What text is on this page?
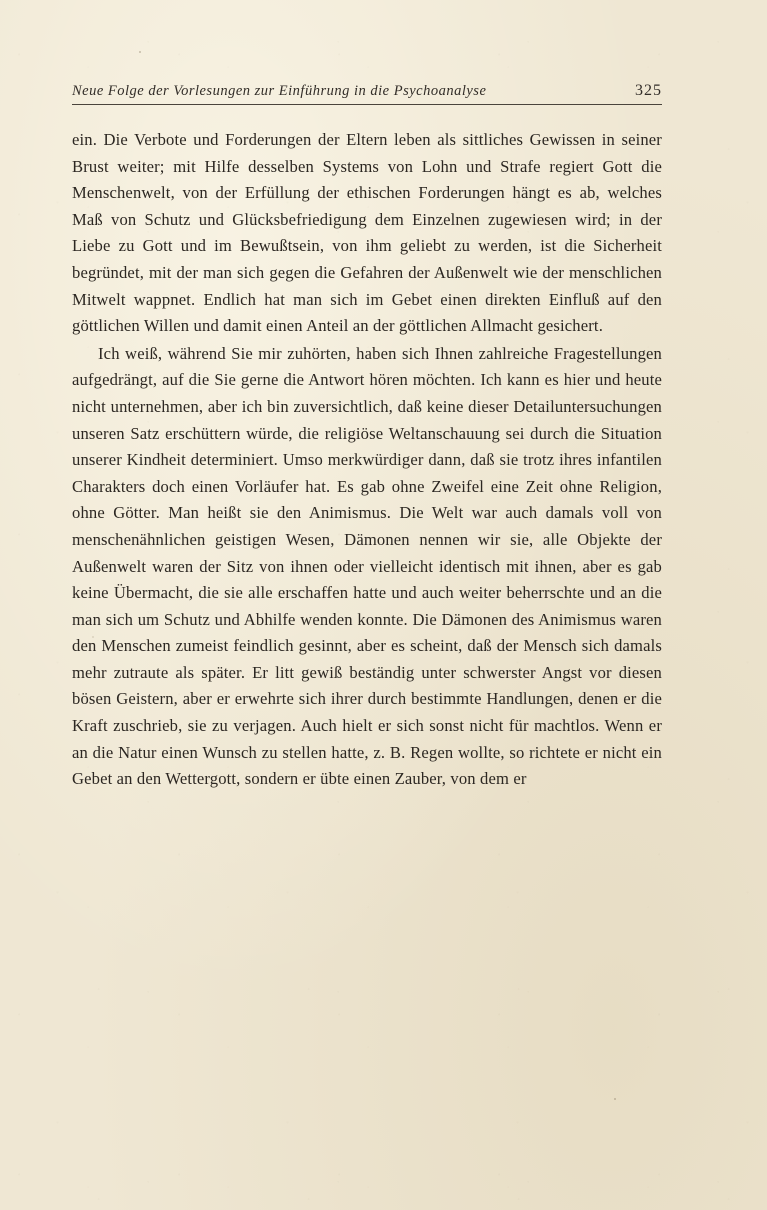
Neue Folge der Vorlesungen zur Einführung in die Psychoanalyse	325

ein. Die Verbote und Forderungen der Eltern leben als sittliches Gewissen in seiner Brust weiter; mit Hilfe desselben Systems von Lohn und Strafe regiert Gott die Menschenwelt, von der Erfüllung der ethischen Forderungen hängt es ab, welches Maß von Schutz und Glücksbefriedigung dem Einzelnen zugewiesen wird; in der Liebe zu Gott und im Bewußtsein, von ihm geliebt zu werden, ist die Sicherheit begründet, mit der man sich gegen die Gefahren der Außenwelt wie der menschlichen Mitwelt wappnet. Endlich hat man sich im Gebet einen direkten Einfluß auf den göttlichen Willen und damit einen Anteil an der göttlichen Allmacht gesichert.

Ich weiß, während Sie mir zuhörten, haben sich Ihnen zahlreiche Fragestellungen aufgedrängt, auf die Sie gerne die Antwort hören möchten. Ich kann es hier und heute nicht unternehmen, aber ich bin zuversichtlich, daß keine dieser Detailuntersuchungen unseren Satz erschüttern würde, die religiöse Weltanschauung sei durch die Situation unserer Kindheit determiniert. Umso merkwürdiger dann, daß sie trotz ihres infantilen Charakters doch einen Vorläufer hat. Es gab ohne Zweifel eine Zeit ohne Religion, ohne Götter. Man heißt sie den Animismus. Die Welt war auch damals voll von menschenähnlichen geistigen Wesen, Dämonen nennen wir sie, alle Objekte der Außenwelt waren der Sitz von ihnen oder vielleicht identisch mit ihnen, aber es gab keine Übermacht, die sie alle erschaffen hatte und auch weiter beherrschte und an die man sich um Schutz und Abhilfe wenden konnte. Die Dämonen des Animismus waren den Menschen zumeist feindlich gesinnt, aber es scheint, daß der Mensch sich damals mehr zutraute als später. Er litt gewiß beständig unter schwerster Angst vor diesen bösen Geistern, aber er erwehrte sich ihrer durch bestimmte Handlungen, denen er die Kraft zuschrieb, sie zu verjagen. Auch hielt er sich sonst nicht für machtlos. Wenn er an die Natur einen Wunsch zu stellen hatte, z. B. Regen wollte, so richtete er nicht ein Gebet an den Wettergott, sondern er übte einen Zauber, von dem er
